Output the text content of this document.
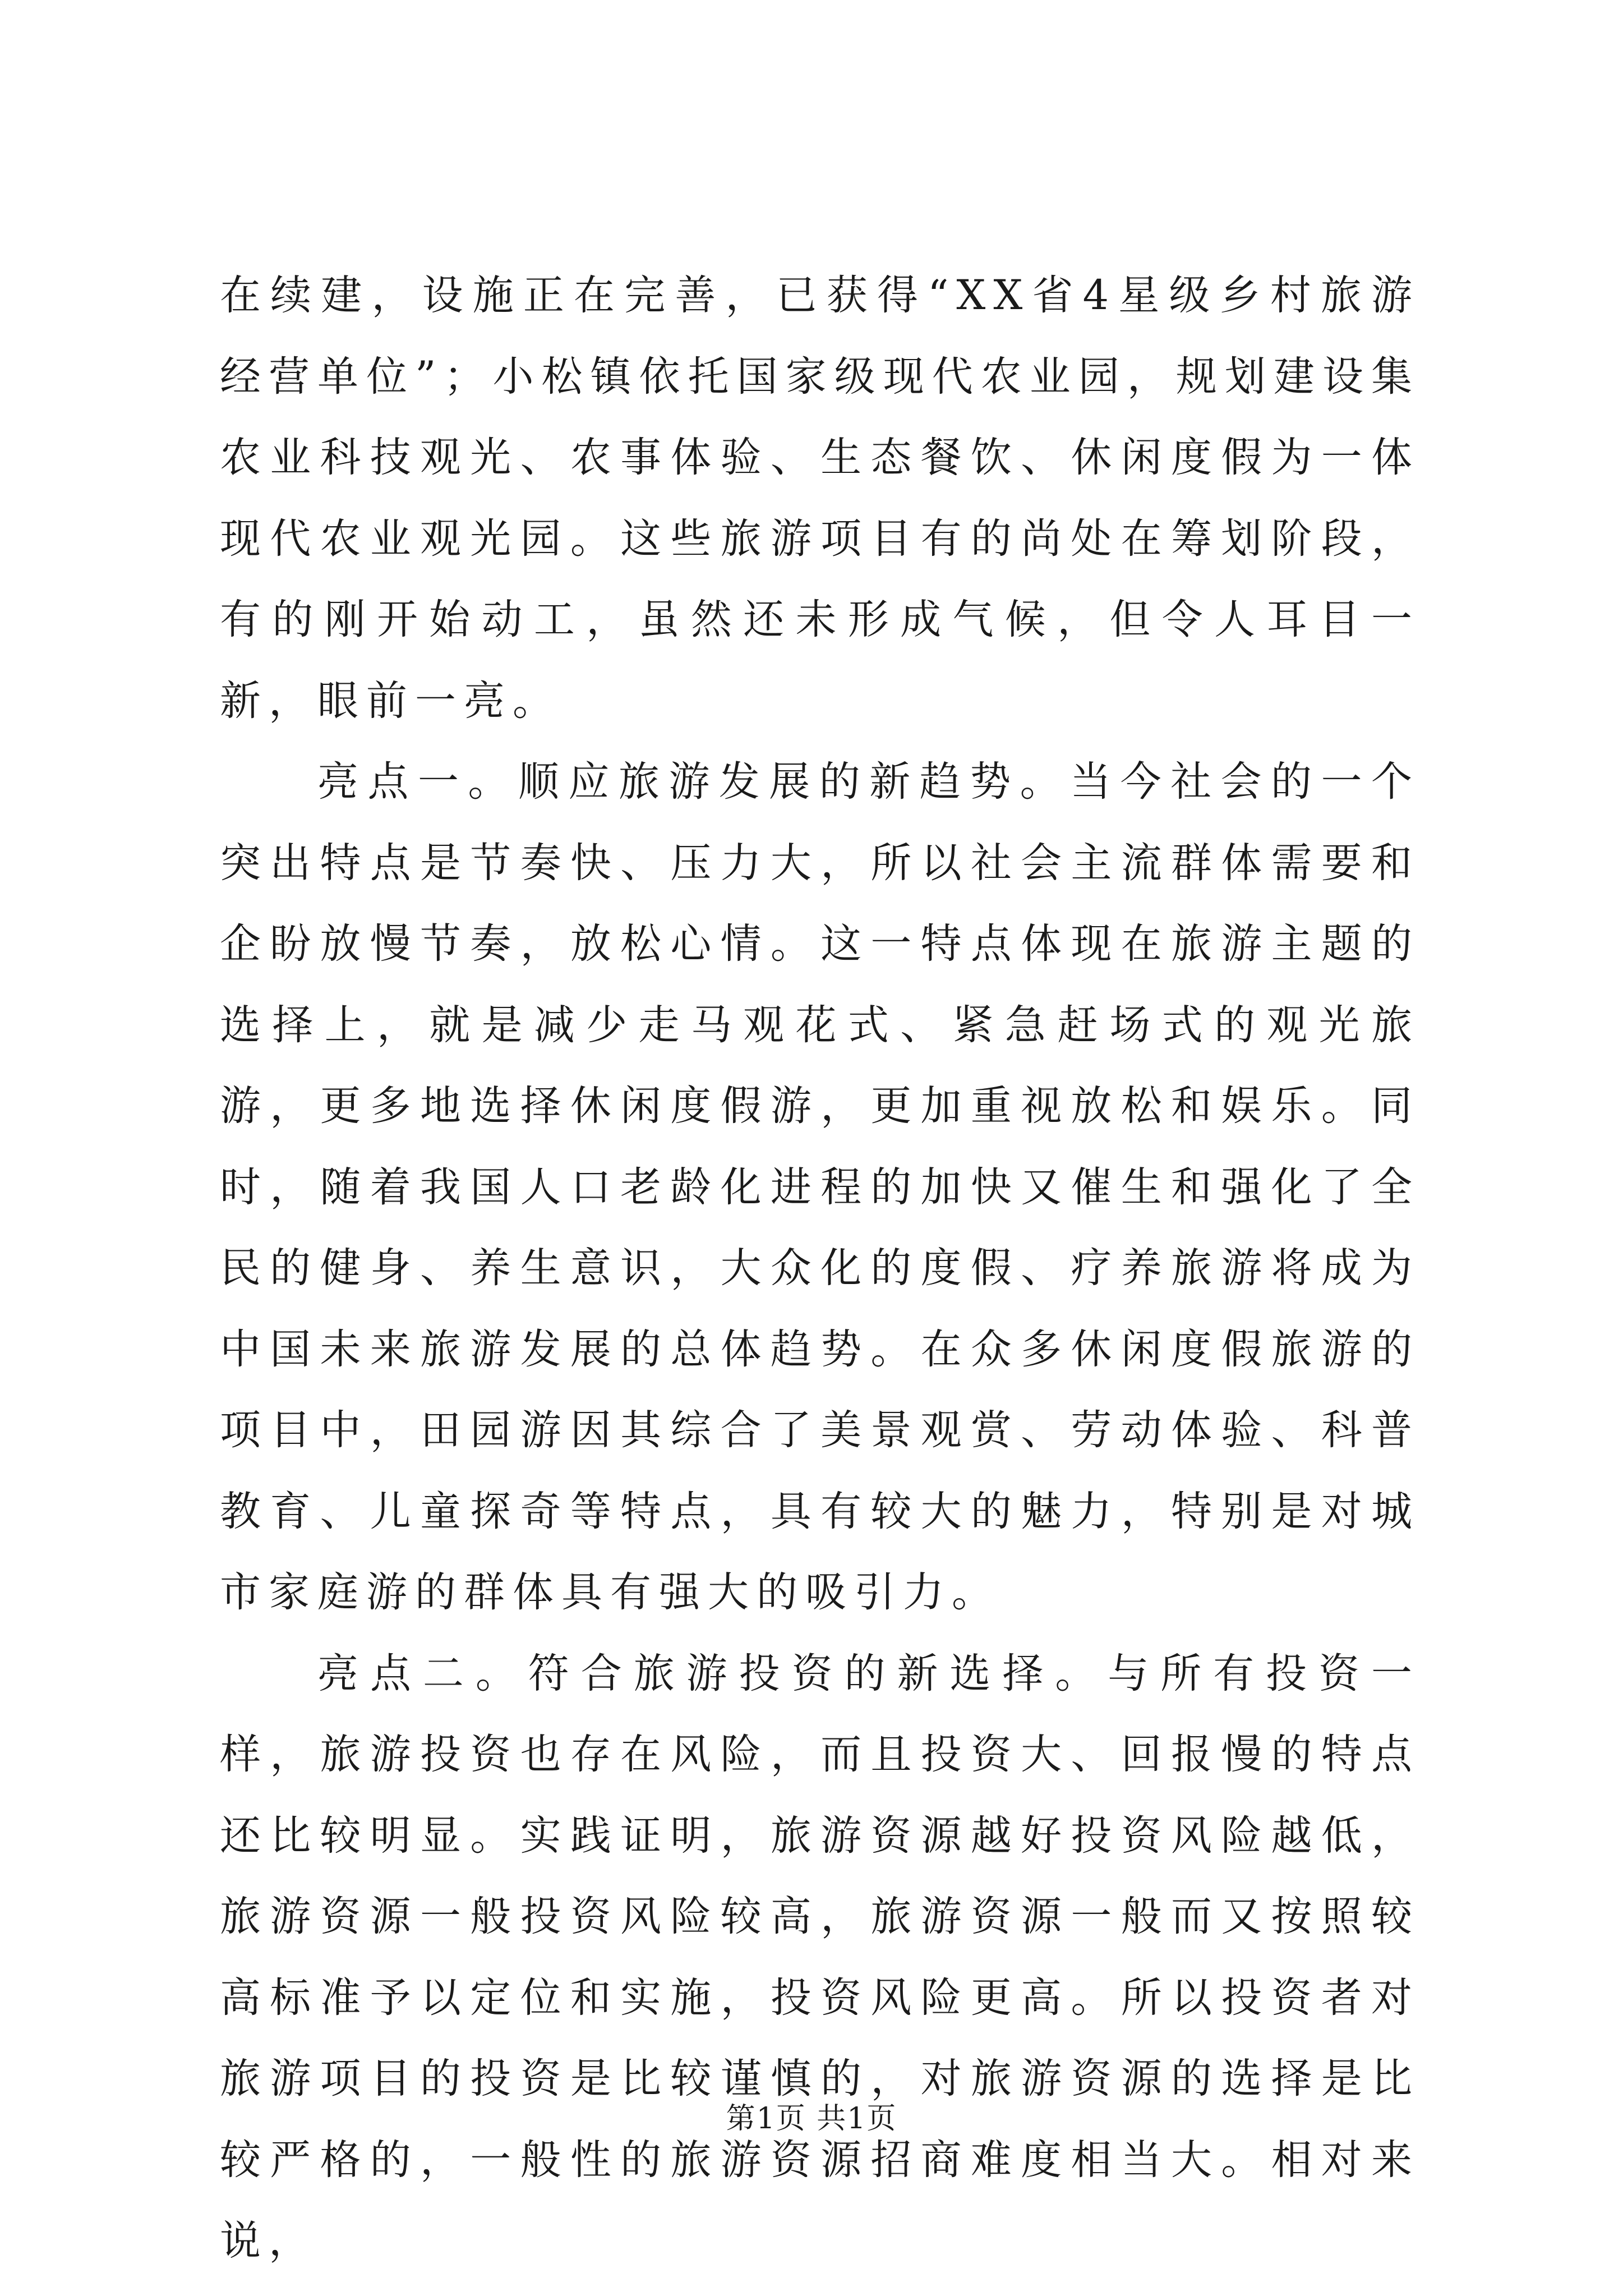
在续建，设施正在完善，已获得“XX省4星级乡村旅游经营单位”；小松镇依托国家级现代农业园，规划建设集农业科技观光、农事体验、生态餐饮、休闲度假为一体现代农业观光园。这些旅游项目有的尚处在筹划阶段，有的刚开始动工，虽然还未形成气候，但令人耳目一新，眼前一亮。

亮点一。顺应旅游发展的新趋势。当今社会的一个突出特点是节奏快、压力大，所以社会主流群体需要和企盼放慢节奏，放松心情。这一特点体现在旅游主题的选择上，就是减少走马观花式、紧急赶场式的观光旅游，更多地选择休闲度假游，更加重视放松和娱乐。同时，随着我国人口老龄化进程的加快又催生和强化了全民的健身、养生意识，大众化的度假、疗养旅游将成为中国未来旅游发展的总体趋势。在众多休闲度假旅游的项目中，田园游因其综合了美景观赏、劳动体验、科普教育、儿童探奇等特点，具有较大的魅力，特别是对城市家庭游的群体具有强大的吸引力。

亮点二。符合旅游投资的新选择。与所有投资一样，旅游投资也存在风险，而且投资大、回报慢的特点还比较明显。实践证明，旅游资源越好投资风险越低，旅游资源一般投资风险较高，旅游资源一般而又按照较高标准予以定位和实施，投资风险更高。所以投资者对旅游项目的投资是比较谨慎的，对旅游资源的选择是比较严格的，一般性的旅游资源招商难度相当大。相对来说，

第1页 共1页
